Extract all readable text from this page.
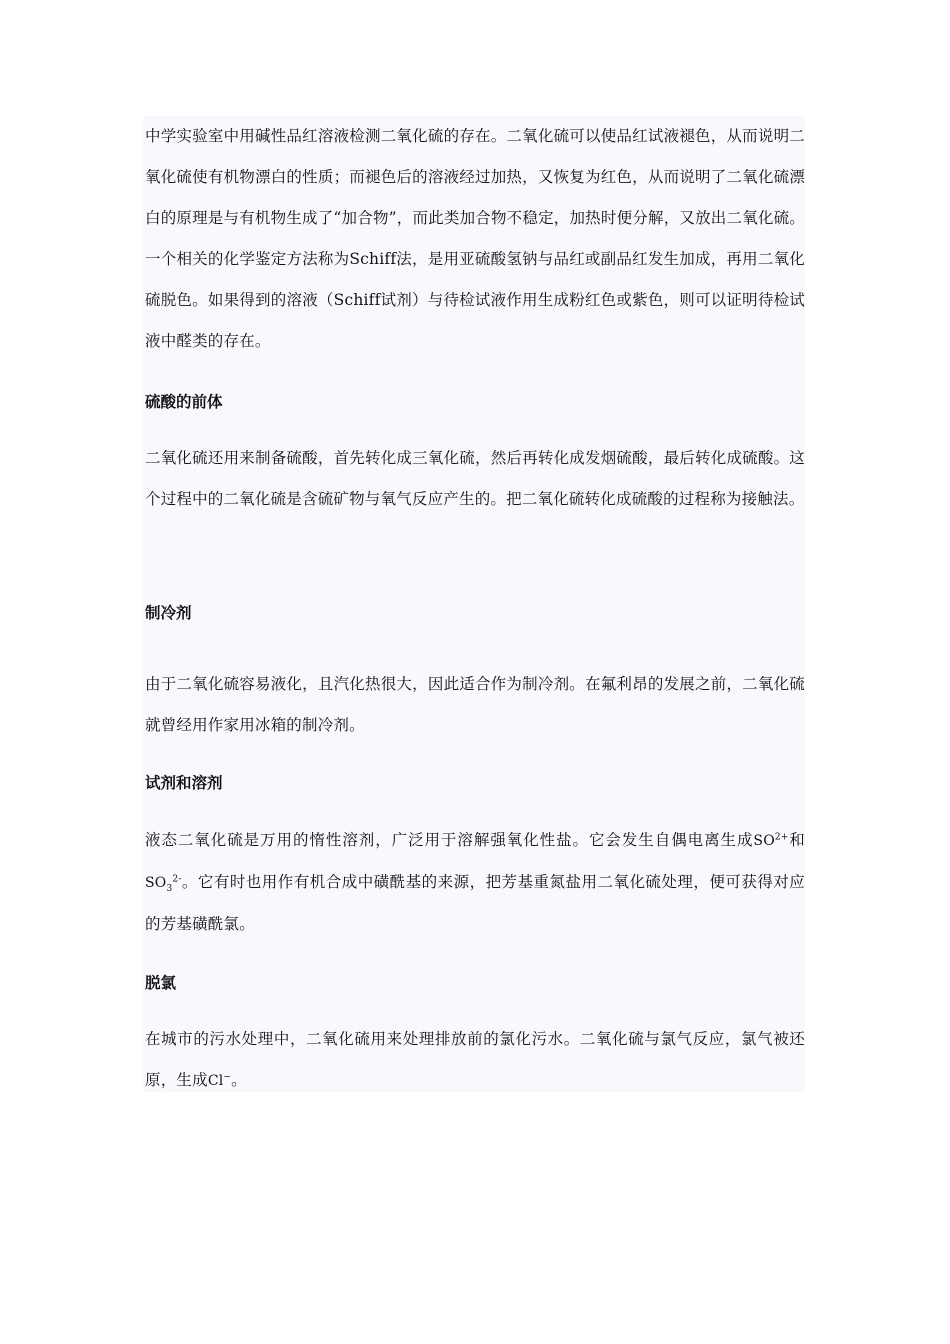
中学实验室中用碱性品红溶液检测二氧化硫的存在。二氧化硫可以使品红试液褪色，从而说明二氧化硫使有机物漂白的性质；而褪色后的溶液经过加热，又恢复为红色，从而说明了二氧化硫漂白的原理是与有机物生成了“加合物”，而此类加合物不稳定，加热时便分解，又放出二氧化硫。一个相关的化学鉴定方法称为Schiff法，是用亚硫酸氢钠与品红或副品红发生加成，再用二氧化硫脱色。如果得到的溶液（Schiff试剂）与待检试液作用生成粉红色或紫色，则可以证明待检试液中醛类的存在。

硫酸的前体

二氧化硫还用来制备硫酸，首先转化成三氧化硫，然后再转化成发烟硫酸，最后转化成硫酸。这个过程中的二氧化硫是含硫矿物与氧气反应产生的。把二氧化硫转化成硫酸的过程称为接触法。

制冷剂

由于二氧化硫容易液化，且汽化热很大，因此适合作为制冷剂。在氟利昂的发展之前，二氧化硫就曾经用作家用冰箱的制冷剂。

试剂和溶剂

液态二氧化硫是万用的惰性溶剂，广泛用于溶解强氧化性盐。它会发生自偶电离生成$SO^{2+}$和$SO_3^{2-}$。它有时也用作有机合成中磺酰基的来源，把芳基重氮盐用二氧化硫处理，便可获得对应的芳基磺酰氯。

脱氯

在城市的污水处理中，二氧化硫用来处理排放前的氯化污水。二氧化硫与氯气反应，氯气被还原，生成Cl−。
